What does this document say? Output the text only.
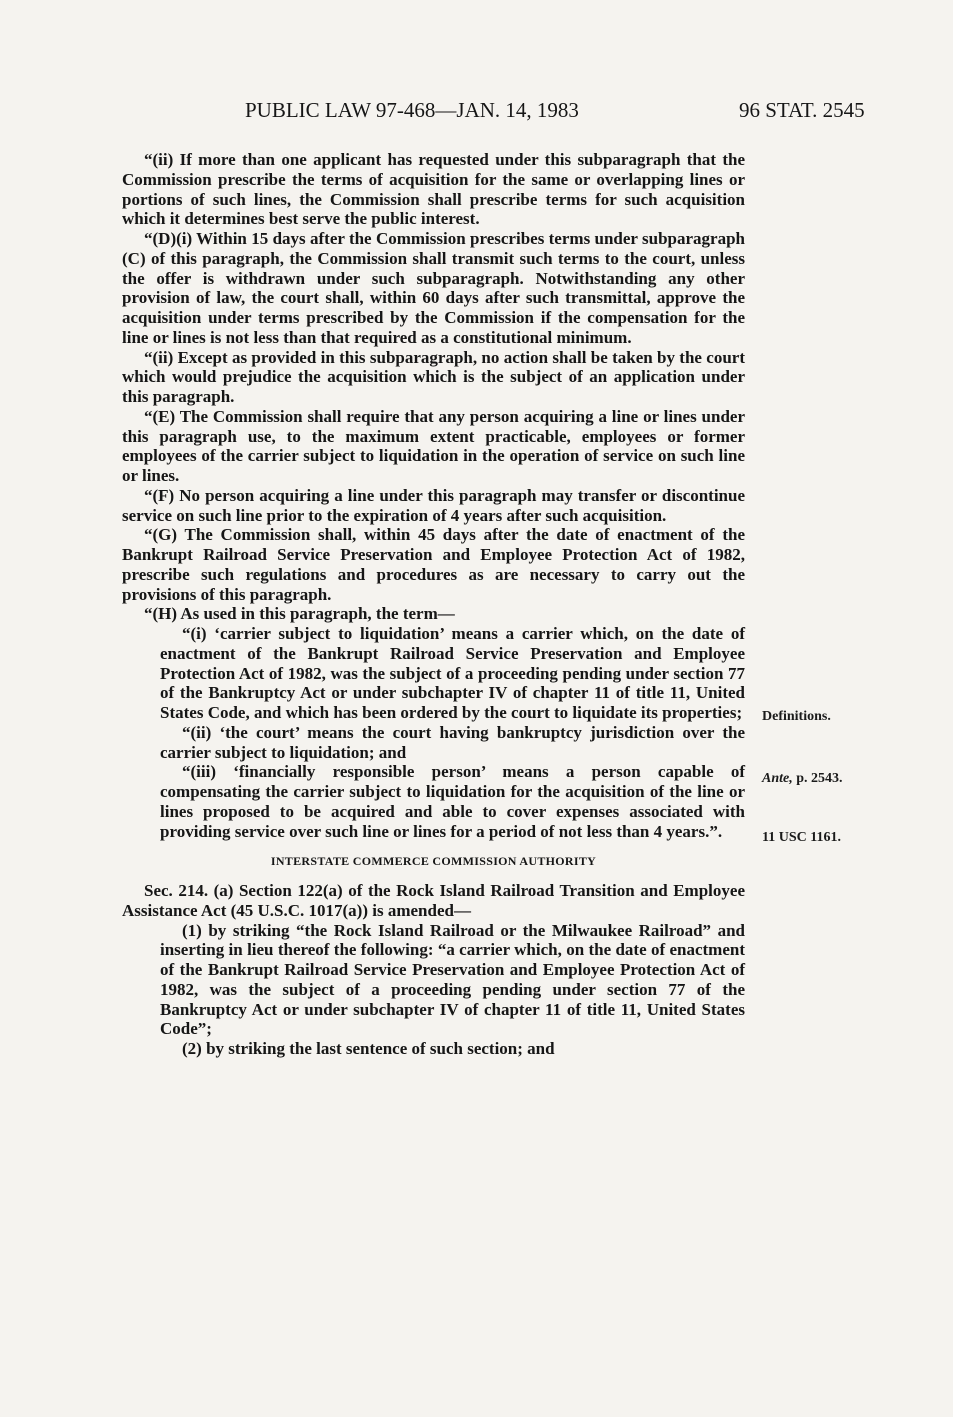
PUBLIC LAW 97-468—JAN. 14, 1983	96 STAT. 2545

“(ii) If more than one applicant has requested under this subparagraph that the Commission prescribe the terms of acquisition for the same or overlapping lines or portions of such lines, the Commission shall prescribe terms for such acquisition which it determines best serve the public interest.

“(D)(i) Within 15 days after the Commission prescribes terms under subparagraph (C) of this paragraph, the Commission shall transmit such terms to the court, unless the offer is withdrawn under such subparagraph. Notwithstanding any other provision of law, the court shall, within 60 days after such transmittal, approve the acquisition under terms prescribed by the Commission if the compensation for the line or lines is not less than that required as a constitutional minimum.

“(ii) Except as provided in this subparagraph, no action shall be taken by the court which would prejudice the acquisition which is the subject of an application under this paragraph.

“(E) The Commission shall require that any person acquiring a line or lines under this paragraph use, to the maximum extent practicable, employees or former employees of the carrier subject to liquidation in the operation of service on such line or lines.

“(F) No person acquiring a line under this paragraph may transfer or discontinue service on such line prior to the expiration of 4 years after such acquisition.

“(G) The Commission shall, within 45 days after the date of enactment of the Bankrupt Railroad Service Preservation and Employee Protection Act of 1982, prescribe such regulations and procedures as are necessary to carry out the provisions of this paragraph.

“(H) As used in this paragraph, the term—

“(i) ‘carrier subject to liquidation’ means a carrier which, on the date of enactment of the Bankrupt Railroad Service Preservation and Employee Protection Act of 1982, was the subject of a proceeding pending under section 77 of the Bankruptcy Act or under subchapter IV of chapter 11 of title 11, United States Code, and which has been ordered by the court to liquidate its properties;

“(ii) ‘the court’ means the court having bankruptcy jurisdiction over the carrier subject to liquidation; and

“(iii) ‘financially responsible person’ means a person capable of compensating the carrier subject to liquidation for the acquisition of the line or lines proposed to be acquired and able to cover expenses associated with providing service over such line or lines for a period of not less than 4 years.”.

INTERSTATE COMMERCE COMMISSION AUTHORITY

Sec. 214. (a) Section 122(a) of the Rock Island Railroad Transition and Employee Assistance Act (45 U.S.C. 1017(a)) is amended—

(1) by striking “the Rock Island Railroad or the Milwaukee Railroad” and inserting in lieu thereof the following: “a carrier which, on the date of enactment of the Bankrupt Railroad Service Preservation and Employee Protection Act of 1982, was the subject of a proceeding pending under section 77 of the Bankruptcy Act or under subchapter IV of chapter 11 of title 11, United States Code”;

(2) by striking the last sentence of such section; and

Definitions.
Ante, p. 2543.
11 USC 1161.
